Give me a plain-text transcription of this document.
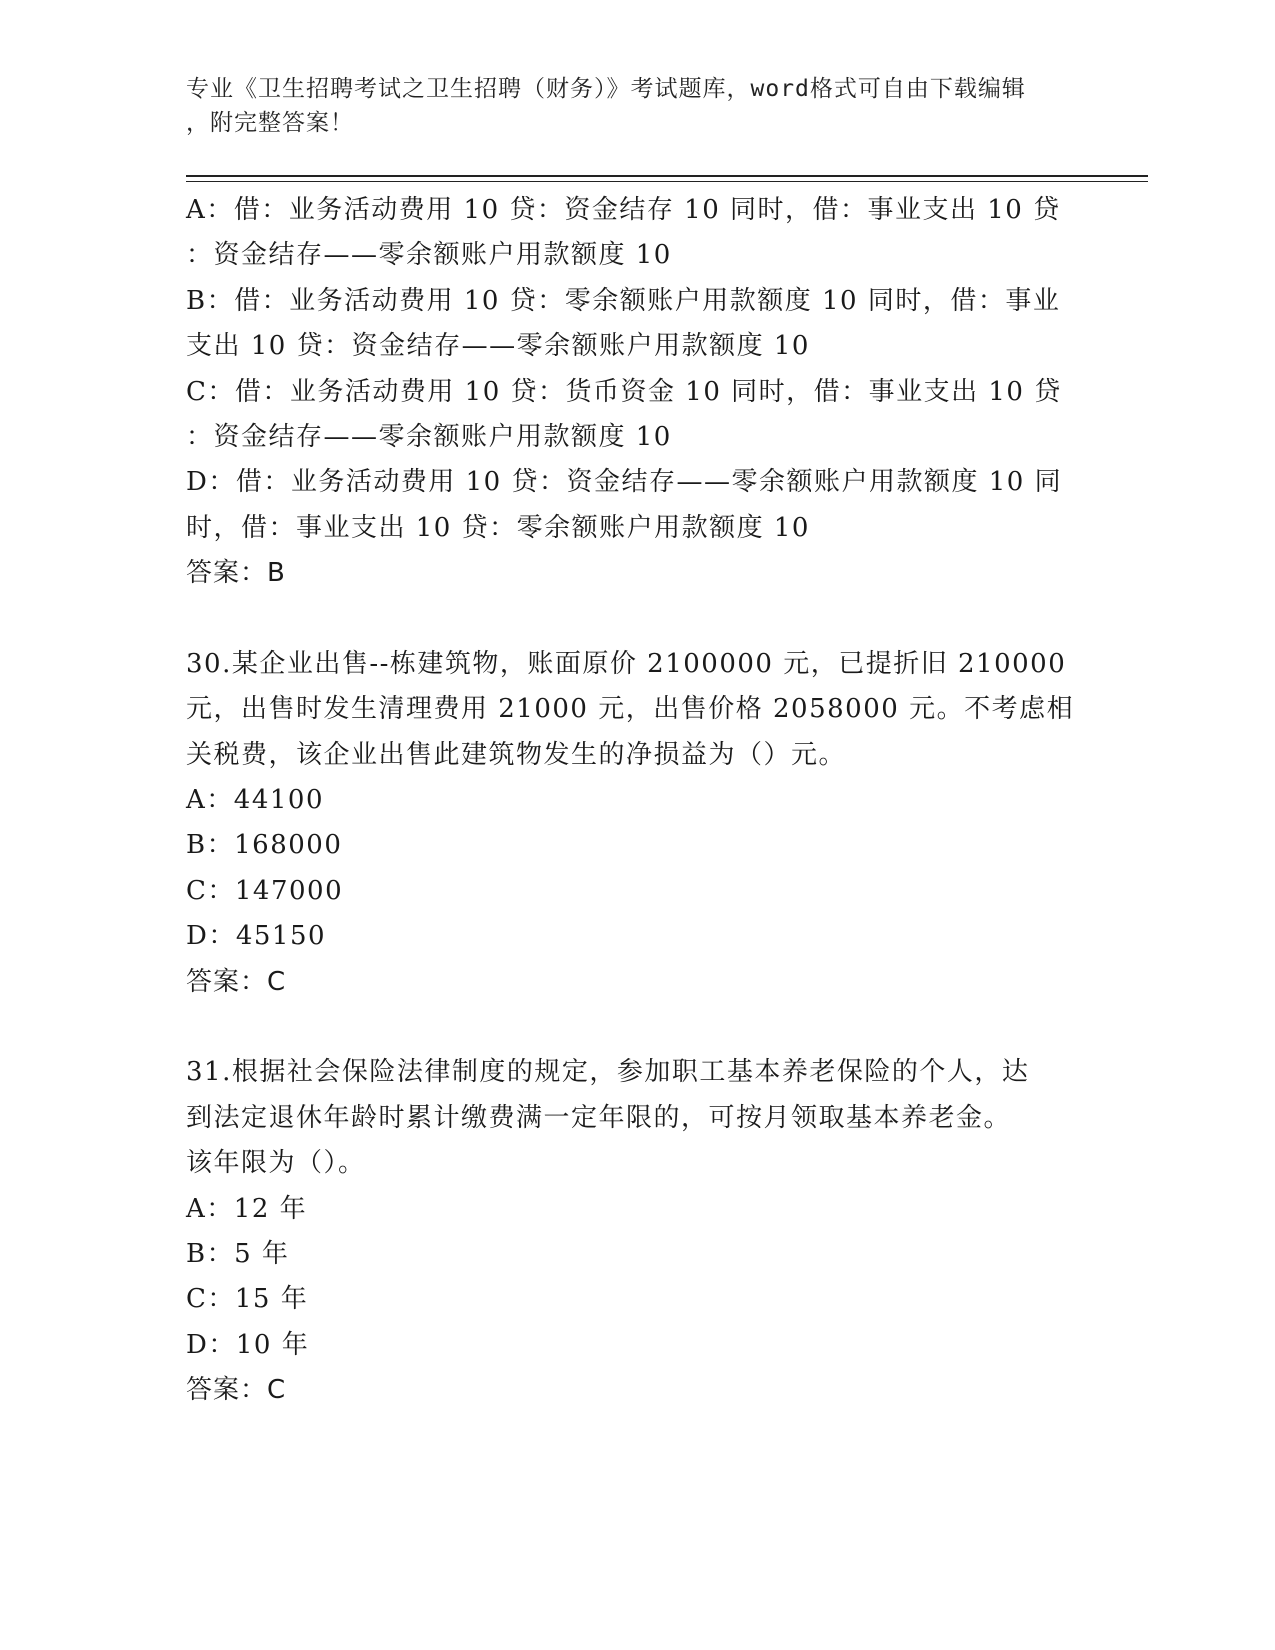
专业《卫生招聘考试之卫生招聘（财务）》考试题库，word格式可自由下载编辑
，附完整答案！
A：借：业务活动费用 10 贷：资金结存 10 同时，借：事业支出 10 贷
：资金结存——零余额账户用款额度 10
B：借：业务活动费用 10 贷：零余额账户用款额度 10 同时，借：事业
支出 10 贷：资金结存——零余额账户用款额度 10
C：借：业务活动费用 10 贷：货币资金 10 同时，借：事业支出 10 贷
：资金结存——零余额账户用款额度 10
D：借：业务活动费用 10 贷：资金结存——零余额账户用款额度 10 同
时，借：事业支出 10 贷：零余额账户用款额度 10
答案：B
30.某企业出售--栋建筑物，账面原价 2100000 元，已提折旧 210000
元，出售时发生清理费用 21000 元，出售价格 2058000 元。不考虑相
关税费，该企业出售此建筑物发生的净损益为（）元。
A：44100
B：168000
C：147000
D：45150
答案：C
31.根据社会保险法律制度的规定，参加职工基本养老保险的个人，达
到法定退休年龄时累计缴费满一定年限的，可按月领取基本养老金。
该年限为（）。
A：12 年
B：5 年
C：15 年
D：10 年
答案：C
